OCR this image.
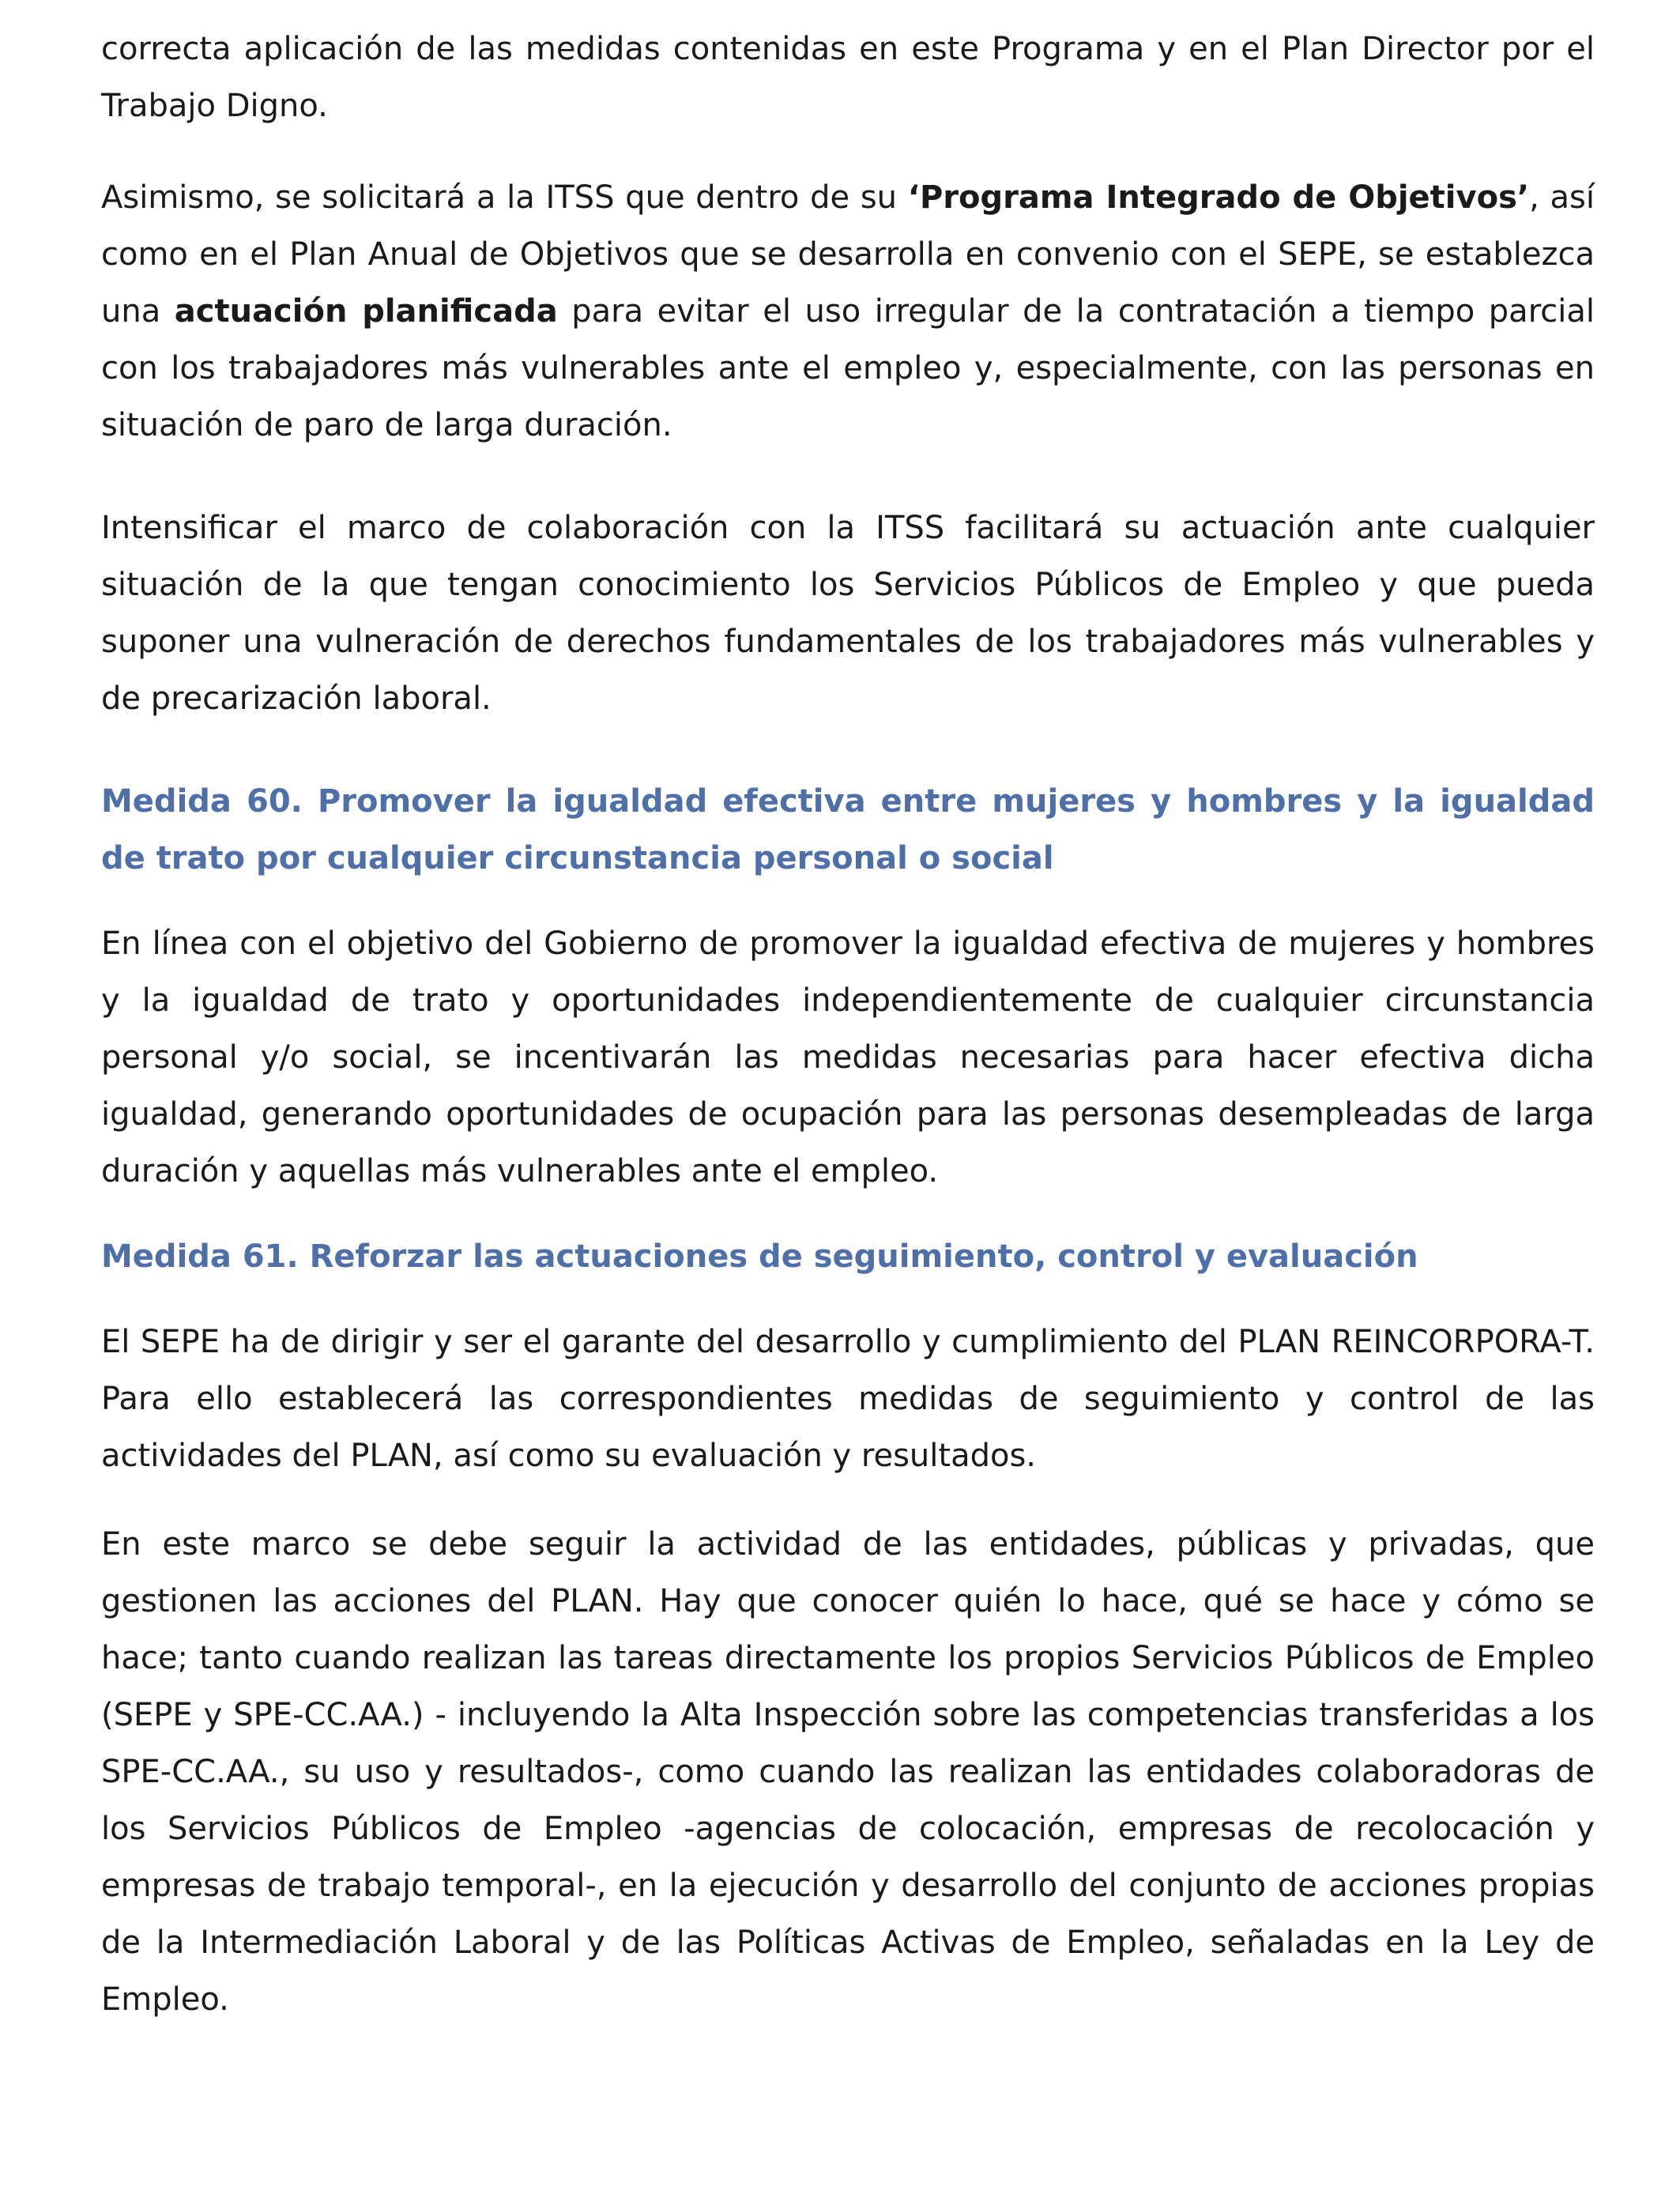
correcta aplicación de las medidas contenidas en este Programa y en el Plan Director por el Trabajo Digno.

Asimismo, se solicitará a la ITSS que dentro de su ‘Programa Integrado de Objetivos’, así como en el Plan Anual de Objetivos que se desarrolla en convenio con el SEPE, se establezca una actuación planificada para evitar el uso irregular de la contratación a tiempo parcial con los trabajadores más vulnerables ante el empleo y, especialmente, con las personas en situación de paro de larga duración.

Intensificar el marco de colaboración con la ITSS facilitará su actuación ante cualquier situación de la que tengan conocimiento los Servicios Públicos de Empleo y que pueda suponer una vulneración de derechos fundamentales de los trabajadores más vulnerables y de precarización laboral.

Medida 60. Promover la igualdad efectiva entre mujeres y hombres y la igualdad de trato por cualquier circunstancia personal o social

En línea con el objetivo del Gobierno de promover la igualdad efectiva de mujeres y hombres y la igualdad de trato y oportunidades independientemente de cualquier circunstancia personal y/o social, se incentivarán las medidas necesarias para hacer efectiva dicha igualdad, generando oportunidades de ocupación para las personas desempleadas de larga duración y aquellas más vulnerables ante el empleo.

Medida 61. Reforzar las actuaciones de seguimiento, control y evaluación

El SEPE ha de dirigir y ser el garante del desarrollo y cumplimiento del PLAN REINCORPORA-T. Para ello establecerá las correspondientes medidas de seguimiento y control de las actividades del PLAN, así como su evaluación y resultados.

En este marco se debe seguir la actividad de las entidades, públicas y privadas, que gestionen las acciones del PLAN. Hay que conocer quién lo hace, qué se hace y cómo se hace; tanto cuando realizan las tareas directamente los propios Servicios Públicos de Empleo (SEPE y SPE-CC.AA.) - incluyendo la Alta Inspección sobre las competencias transferidas a los SPE-CC.AA., su uso y resultados-, como cuando las realizan las entidades colaboradoras de los Servicios Públicos de Empleo -agencias de colocación, empresas de recolocación y empresas de trabajo temporal-, en la ejecución y desarrollo del conjunto de acciones propias de la Intermediación Laboral y de las Políticas Activas de Empleo, señaladas en la Ley de Empleo.
